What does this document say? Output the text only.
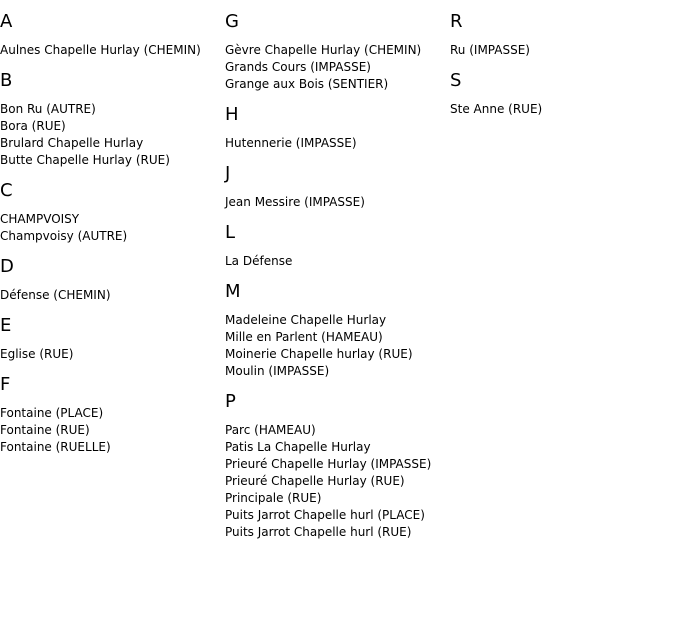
A
Aulnes Chapelle Hurlay (CHEMIN)
B
Bon Ru (AUTRE)
Bora (RUE)
Brulard Chapelle Hurlay
Butte Chapelle Hurlay (RUE)
C
CHAMPVOISY
Champvoisy (AUTRE)
D
Défense (CHEMIN)
E
Eglise (RUE)
F
Fontaine (PLACE)
Fontaine (RUE)
Fontaine (RUELLE)
G
Gèvre Chapelle Hurlay (CHEMIN)
Grands Cours (IMPASSE)
Grange aux Bois (SENTIER)
H
Hutennerie (IMPASSE)
J
Jean Messire (IMPASSE)
L
La Défense
M
Madeleine Chapelle Hurlay
Mille en Parlent (HAMEAU)
Moinerie Chapelle hurlay (RUE)
Moulin (IMPASSE)
P
Parc (HAMEAU)
Patis La Chapelle Hurlay
Prieuré Chapelle Hurlay (IMPASSE)
Prieuré Chapelle Hurlay (RUE)
Principale (RUE)
Puits Jarrot Chapelle hurl (PLACE)
Puits Jarrot Chapelle hurl (RUE)
R
Ru (IMPASSE)
S
Ste Anne (RUE)
